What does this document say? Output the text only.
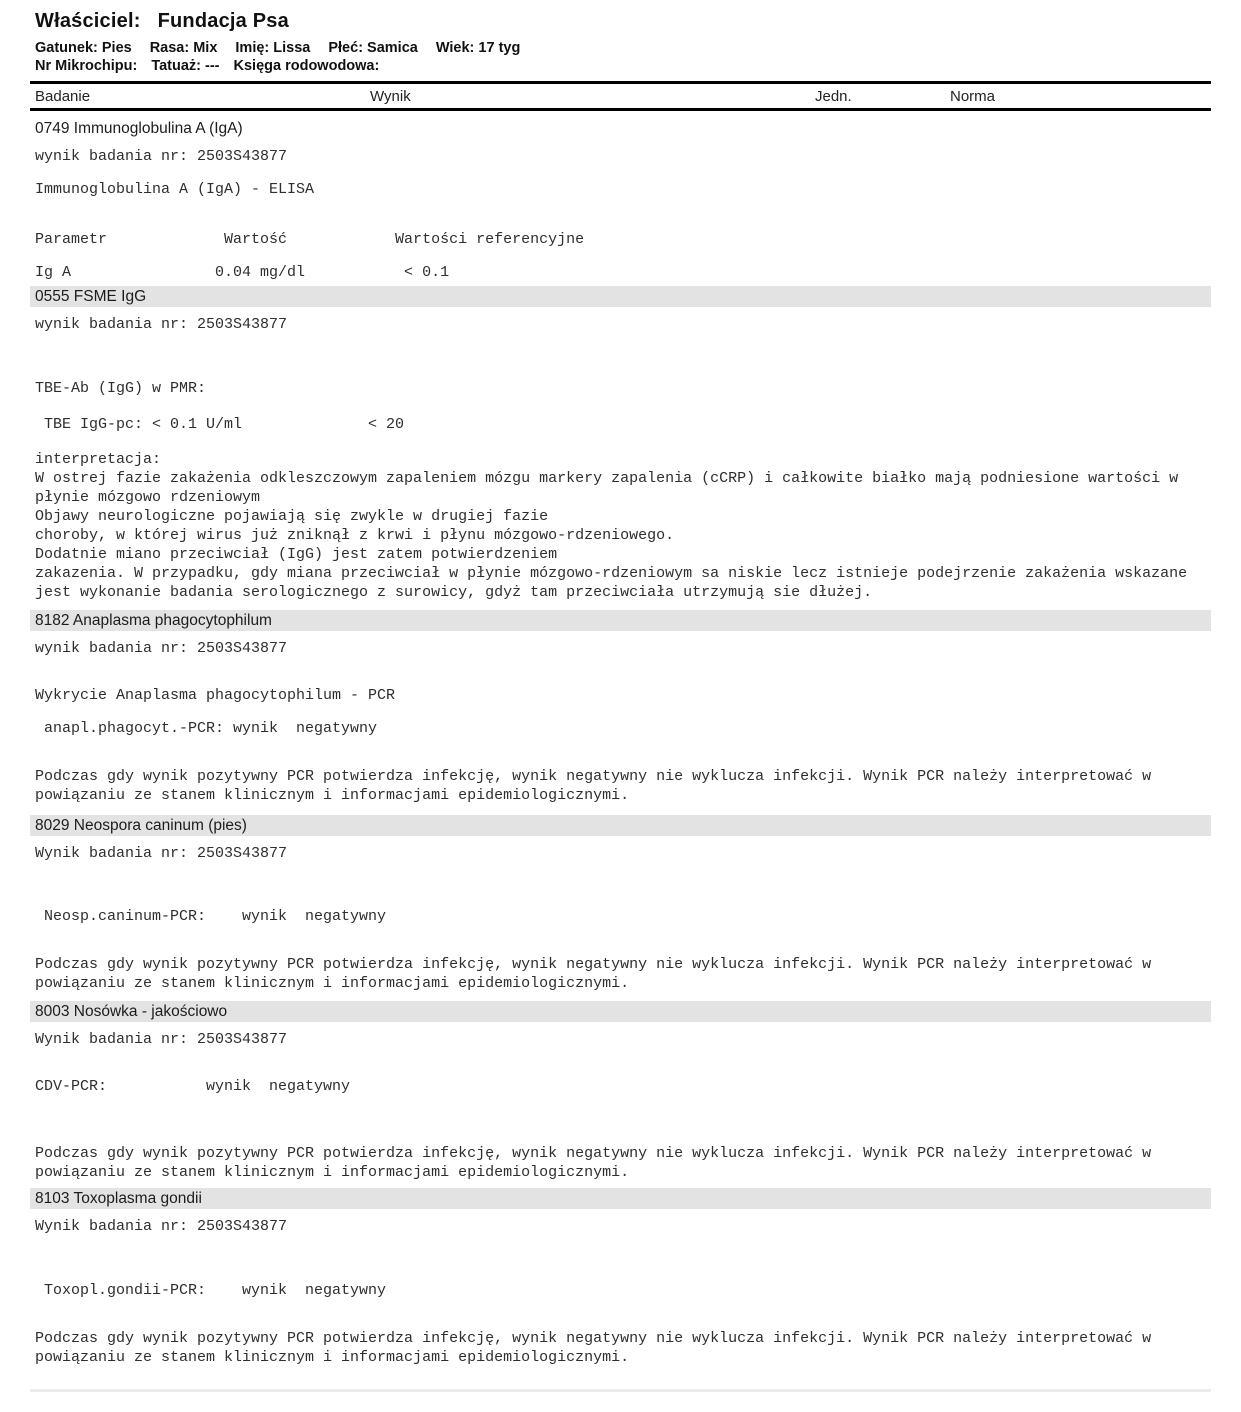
Właściciel: Fundacja Psa
Gatunek: Pies Rasa: Mix Imię: Lissa Płeć: Samica Wiek: 17 tyg
Nr Mikrochipu: Tatuaż: --- Księga rodowodowa:
Badanie	Wynik	Jedn.	Norma
0749 Immunoglobulina A (IgA)
wynik badania nr: 2503S43877
Immunoglobulina A (IgA) - ELISA
Parametr             Wartość            Wartości referencyjne
Ig A                0.04 mg/dl           < 0.1
0555 FSME IgG
wynik badania nr: 2503S43877
TBE-Ab (IgG) w PMR:
TBE IgG-pc: < 0.1 U/ml              < 20
interpretacja:
W ostrej fazie zakażenia odkleszczowym zapaleniem mózgu markery zapalenia (cCRP) i całkowite białko mają podniesione wartości w
płynie mózgowo rdzeniowym
Objawy neurologiczne pojawiają się zwykle w drugiej fazie
choroby, w której wirus już zniknął z krwi i płynu mózgowo-rdzeniowego.
Dodatnie miano przeciwciał (IgG) jest zatem potwierdzeniem
zakazenia. W przypadku, gdy miana przeciwciał w płynie mózgowo-rdzeniowym sa niskie lecz istnieje podejrzenie zakażenia wskazane
jest wykonanie badania serologicznego z surowicy, gdyż tam przeciwciała utrzymują sie dłużej.
8182 Anaplasma phagocytophilum
wynik badania nr: 2503S43877
Wykrycie Anaplasma phagocytophilum - PCR
anapl.phagocyt.-PCR: wynik  negatywny
Podczas gdy wynik pozytywny PCR potwierdza infekcję, wynik negatywny nie wyklucza infekcji. Wynik PCR należy interpretować w
powiązaniu ze stanem klinicznym i informacjami epidemiologicznymi.
8029 Neospora caninum (pies)
Wynik badania nr: 2503S43877
Neosp.caninum-PCR:    wynik  negatywny
Podczas gdy wynik pozytywny PCR potwierdza infekcję, wynik negatywny nie wyklucza infekcji. Wynik PCR należy interpretować w
powiązaniu ze stanem klinicznym i informacjami epidemiologicznymi.
8003 Nosówka - jakościowo
Wynik badania nr: 2503S43877
CDV-PCR:           wynik  negatywny
Podczas gdy wynik pozytywny PCR potwierdza infekcję, wynik negatywny nie wyklucza infekcji. Wynik PCR należy interpretować w
powiązaniu ze stanem klinicznym i informacjami epidemiologicznymi.
8103 Toxoplasma gondii
Wynik badania nr: 2503S43877
Toxopl.gondii-PCR:    wynik  negatywny
Podczas gdy wynik pozytywny PCR potwierdza infekcję, wynik negatywny nie wyklucza infekcji. Wynik PCR należy interpretować w
powiązaniu ze stanem klinicznym i informacjami epidemiologicznymi.
